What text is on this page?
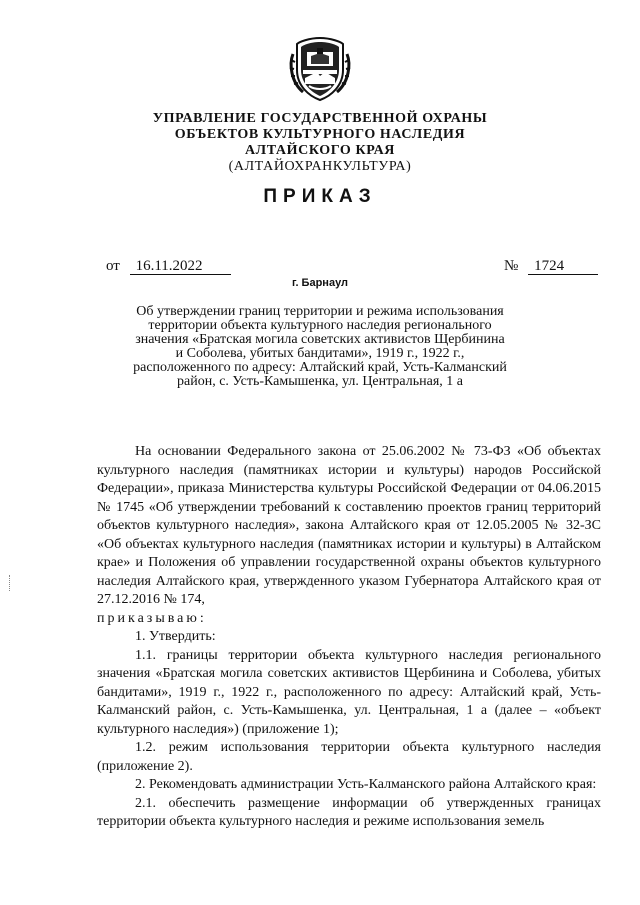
УПРАВЛЕНИЕ ГОСУДАРСТВЕННОЙ ОХРАНЫ
ОБЪЕКТОВ КУЛЬТУРНОГО НАСЛЕДИЯ
АЛТАЙСКОГО КРАЯ
(АЛТАЙОХРАНКУЛЬТУРА)
ПРИКАЗ
от 16.11.2022	№ 1724
г. Барнаул
Об утверждении границ территории и режима использования
территории объекта культурного наследия регионального
значения «Братская могила советских активистов Щербинина
и Соболева, убитых бандитами», 1919 г., 1922 г.,
расположенного по адресу: Алтайский край, Усть-Калманский
район, с. Усть-Камышенка, ул. Центральная, 1 а

На основании Федерального закона от 25.06.2002 № 73-ФЗ «Об объектах культурного наследия (памятниках истории и культуры) народов Российской Федерации», приказа Министерства культуры Российской Федерации от 04.06.2015 № 1745 «Об утверждении требований к составлению проектов границ территорий объектов культурного наследия», закона Алтайского края от 12.05.2005 № 32-ЗС «Об объектах культурного наследия (памятниках истории и культуры) в Алтайском крае» и Положения об управлении государственной охраны объектов культурного наследия Алтайского края, утвержденного указом Губернатора Алтайского края от 27.12.2016 № 174,
приказываю:

1. Утвердить:

1.1. границы территории объекта культурного наследия регионального значения «Братская могила советских активистов Щербинина и Соболева, убитых бандитами», 1919 г., 1922 г., расположенного по адресу: Алтайский край, Усть-Калманский район, с. Усть-Камышенка, ул. Центральная, 1 а (далее – «объект культурного наследия») (приложение 1);

1.2. режим использования территории объекта культурного наследия (приложение 2).

2. Рекомендовать администрации Усть-Калманского района Алтайского края:

2.1. обеспечить размещение информации об утвержденных границах территории объекта культурного наследия и режиме использования земель
